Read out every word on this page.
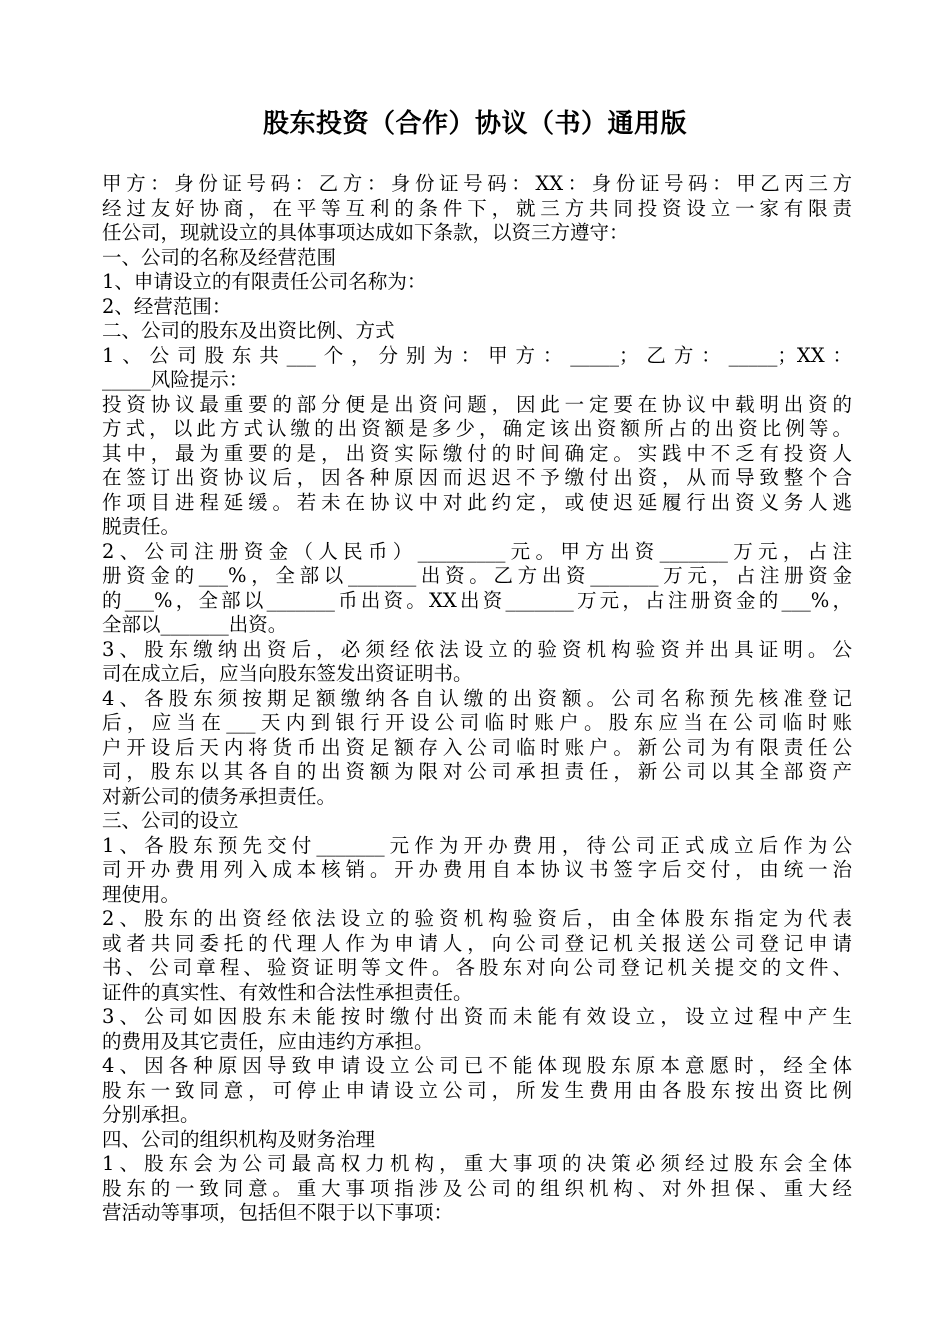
股东投资（合作）协议（书）通用版
甲方：身份证号码：乙方：身份证号码：XX：身份证号码：甲乙丙三方
经过友好协商，在平等互利的条件下，就三方共同投资设立一家有限责
任公司，现就设立的具体事项达成如下条款，以资三方遵守：
一、公司的名称及经营范围
1、申请设立的有限责任公司名称为：
2、经营范围：
二、公司的股东及出资比例、方式
1、公司股东共___个，分别为：甲方：_____；乙方：_____；XX：
_____风险提示：
投资协议最重要的部分便是出资问题，因此一定要在协议中载明出资的
方式，以此方式认缴的出资额是多少，确定该出资额所占的出资比例等。
其中，最为重要的是，出资实际缴付的时间确定。实践中不乏有投资人
在签订出资协议后，因各种原因而迟迟不予缴付出资，从而导致整个合
作项目进程延缓。若未在协议中对此约定，或使迟延履行出资义务人逃
脱责任。
2、公司注册资金（人民币）_________元。甲方出资_______万元，占注
册资金的___%，全部以_______出资。乙方出资_______万元，占注册资金
的___%，全部以_______币出资。XX出资_______万元，占注册资金的___%，
全部以_______出资。
3、股东缴纳出资后，必须经依法设立的验资机构验资并出具证明。公
司在成立后，应当向股东签发出资证明书。
4、各股东须按期足额缴纳各自认缴的出资额。公司名称预先核准登记
后，应当在___天内到银行开设公司临时账户。股东应当在公司临时账
户开设后天内将货币出资足额存入公司临时账户。新公司为有限责任公
司，股东以其各自的出资额为限对公司承担责任，新公司以其全部资产
对新公司的债务承担责任。
三、公司的设立
1、各股东预先交付_______元作为开办费用，待公司正式成立后作为公
司开办费用列入成本核销。开办费用自本协议书签字后交付，由统一治
理使用。
2、股东的出资经依法设立的验资机构验资后，由全体股东指定为代表
或者共同委托的代理人作为申请人，向公司登记机关报送公司登记申请
书、公司章程、验资证明等文件。各股东对向公司登记机关提交的文件、
证件的真实性、有效性和合法性承担责任。
3、公司如因股东未能按时缴付出资而未能有效设立，设立过程中产生
的费用及其它责任，应由违约方承担。
4、因各种原因导致申请设立公司已不能体现股东原本意愿时，经全体
股东一致同意，可停止申请设立公司，所发生费用由各股东按出资比例
分别承担。
四、公司的组织机构及财务治理
1、股东会为公司最高权力机构，重大事项的决策必须经过股东会全体
股东的一致同意。重大事项指涉及公司的组织机构、对外担保、重大经
营活动等事项，包括但不限于以下事项：
